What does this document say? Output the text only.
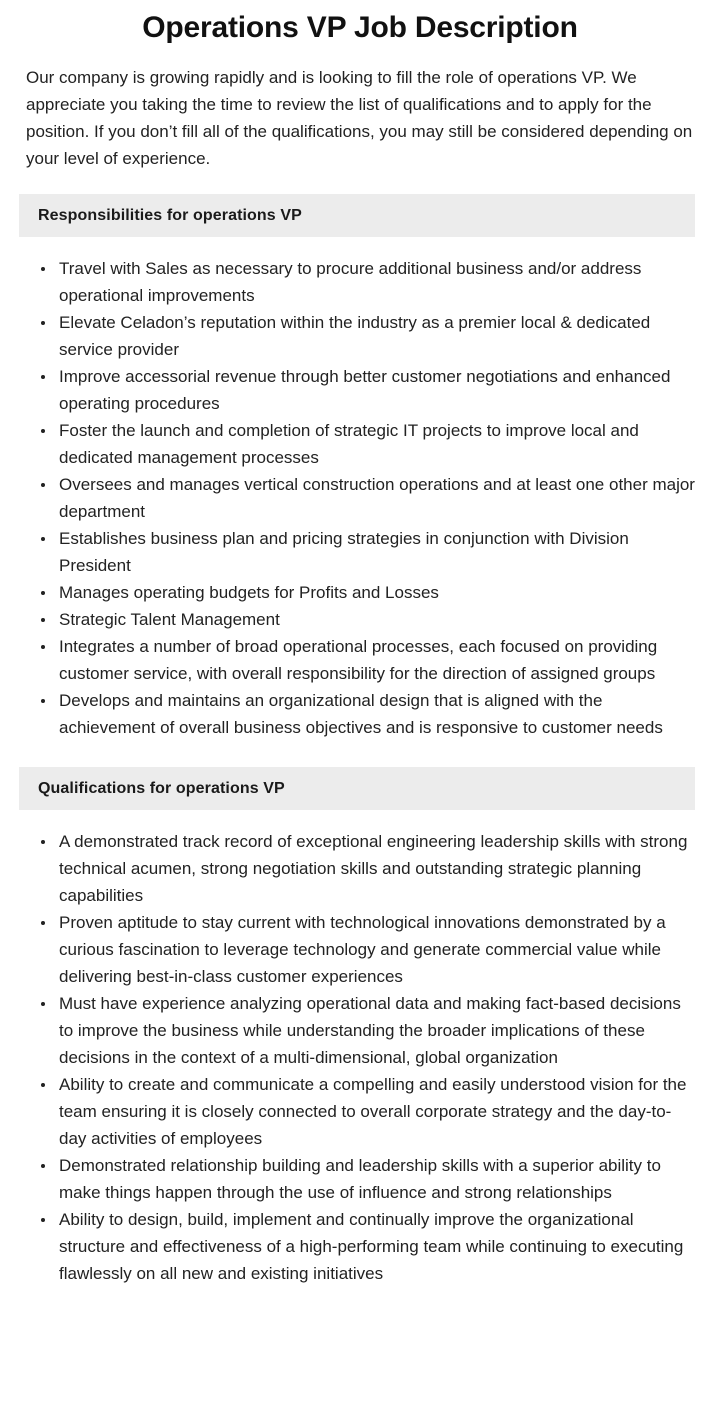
Operations VP Job Description

Our company is growing rapidly and is looking to fill the role of operations VP. We appreciate you taking the time to review the list of qualifications and to apply for the position. If you don’t fill all of the qualifications, you may still be considered depending on your level of experience.

Responsibilities for operations VP
Travel with Sales as necessary to procure additional business and/or address operational improvements
Elevate Celadon’s reputation within the industry as a premier local & dedicated service provider
Improve accessorial revenue through better customer negotiations and enhanced operating procedures
Foster the launch and completion of strategic IT projects to improve local and dedicated management processes
Oversees and manages vertical construction operations and at least one other major department
Establishes business plan and pricing strategies in conjunction with Division President
Manages operating budgets for Profits and Losses
Strategic Talent Management
Integrates a number of broad operational processes, each focused on providing customer service, with overall responsibility for the direction of assigned groups
Develops and maintains an organizational design that is aligned with the achievement of overall business objectives and is responsive to customer needs
Qualifications for operations VP
A demonstrated track record of exceptional engineering leadership skills with strong technical acumen, strong negotiation skills and outstanding strategic planning capabilities
Proven aptitude to stay current with technological innovations demonstrated by a curious fascination to leverage technology and generate commercial value while delivering best-in-class customer experiences
Must have experience analyzing operational data and making fact-based decisions to improve the business while understanding the broader implications of these decisions in the context of a multi-dimensional, global organization
Ability to create and communicate a compelling and easily understood vision for the team ensuring it is closely connected to overall corporate strategy and the day-to-day activities of employees
Demonstrated relationship building and leadership skills with a superior ability to make things happen through the use of influence and strong relationships
Ability to design, build, implement and continually improve the organizational structure and effectiveness of a high-performing team while continuing to executing flawlessly on all new and existing initiatives
